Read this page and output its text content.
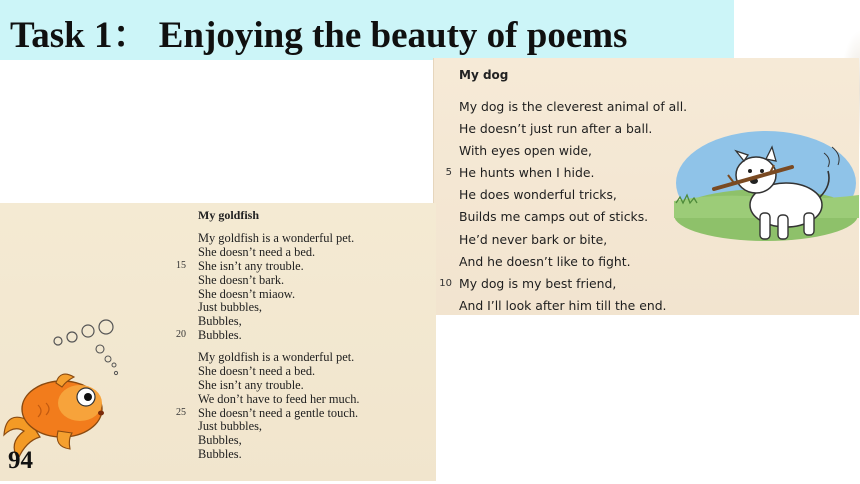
Task 1： Enjoying the beauty of poems

My dog

My dog is the cleverest animal of all.
He doesn’t just run after a ball.
With eyes open wide,
5 He hunts when I hide.
He does wonderful tricks,
Builds me camps out of sticks.
He’d never bark or bite,
And he doesn’t like to fight.
10 My dog is my best friend,
And I’ll look after him till the end.

My goldfish

My goldfish is a wonderful pet.
She doesn’t need a bed.
15 She isn’t any trouble.
She doesn’t bark.
She doesn’t miaow.
Just bubbles,
Bubbles,
20 Bubbles.
My goldfish is a wonderful pet.
She doesn’t need a bed.
She isn’t any trouble.
We don’t have to feed her much.
25 She doesn’t need a gentle touch.
Just bubbles,
Bubbles,
Bubbles.

94
